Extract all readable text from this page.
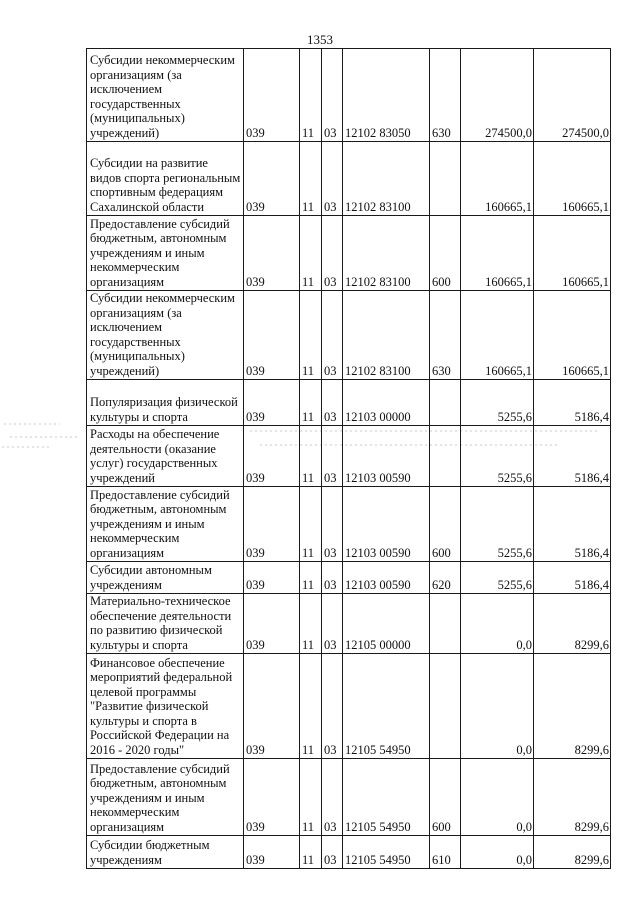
1353
Субсидии некоммерческим организациям (за исключением государственных (муниципальных) учреждений)	039	11	03	12102 83050	630	274500,0	274500,0
Субсидии на развитие видов спорта региональным спортивным федерациям Сахалинской области	039	11	03	12102 83100		160665,1	160665,1
Предоставление субсидий бюджетным, автономным учреждениям и иным некоммерческим организациям	039	11	03	12102 83100	600	160665,1	160665,1
Субсидии некоммерческим организациям (за исключением государственных (муниципальных) учреждений)	039	11	03	12102 83100	630	160665,1	160665,1
Популяризация физической культуры и спорта	039	11	03	12103 00000		5255,6	5186,4
Расходы на обеспечение деятельности (оказание услуг) государственных учреждений	039	11	03	12103 00590		5255,6	5186,4
Предоставление субсидий бюджетным, автономным учреждениям и иным некоммерческим организациям	039	11	03	12103 00590	600	5255,6	5186,4
Субсидии автономным учреждениям	039	11	03	12103 00590	620	5255,6	5186,4
Материально-техническое обеспечение деятельности по развитию физической культуры и спорта	039	11	03	12105 00000		0,0	8299,6
Финансовое обеспечение мероприятий федеральной целевой программы "Развитие физической культуры и спорта в Российской Федерации на 2016 - 2020 годы"	039	11	03	12105 54950		0,0	8299,6
Предоставление субсидий бюджетным, автономным учреждениям и иным некоммерческим организациям	039	11	03	12105 54950	600	0,0	8299,6
Субсидии бюджетным учреждениям	039	11	03	12105 54950	610	0,0	8299,6
